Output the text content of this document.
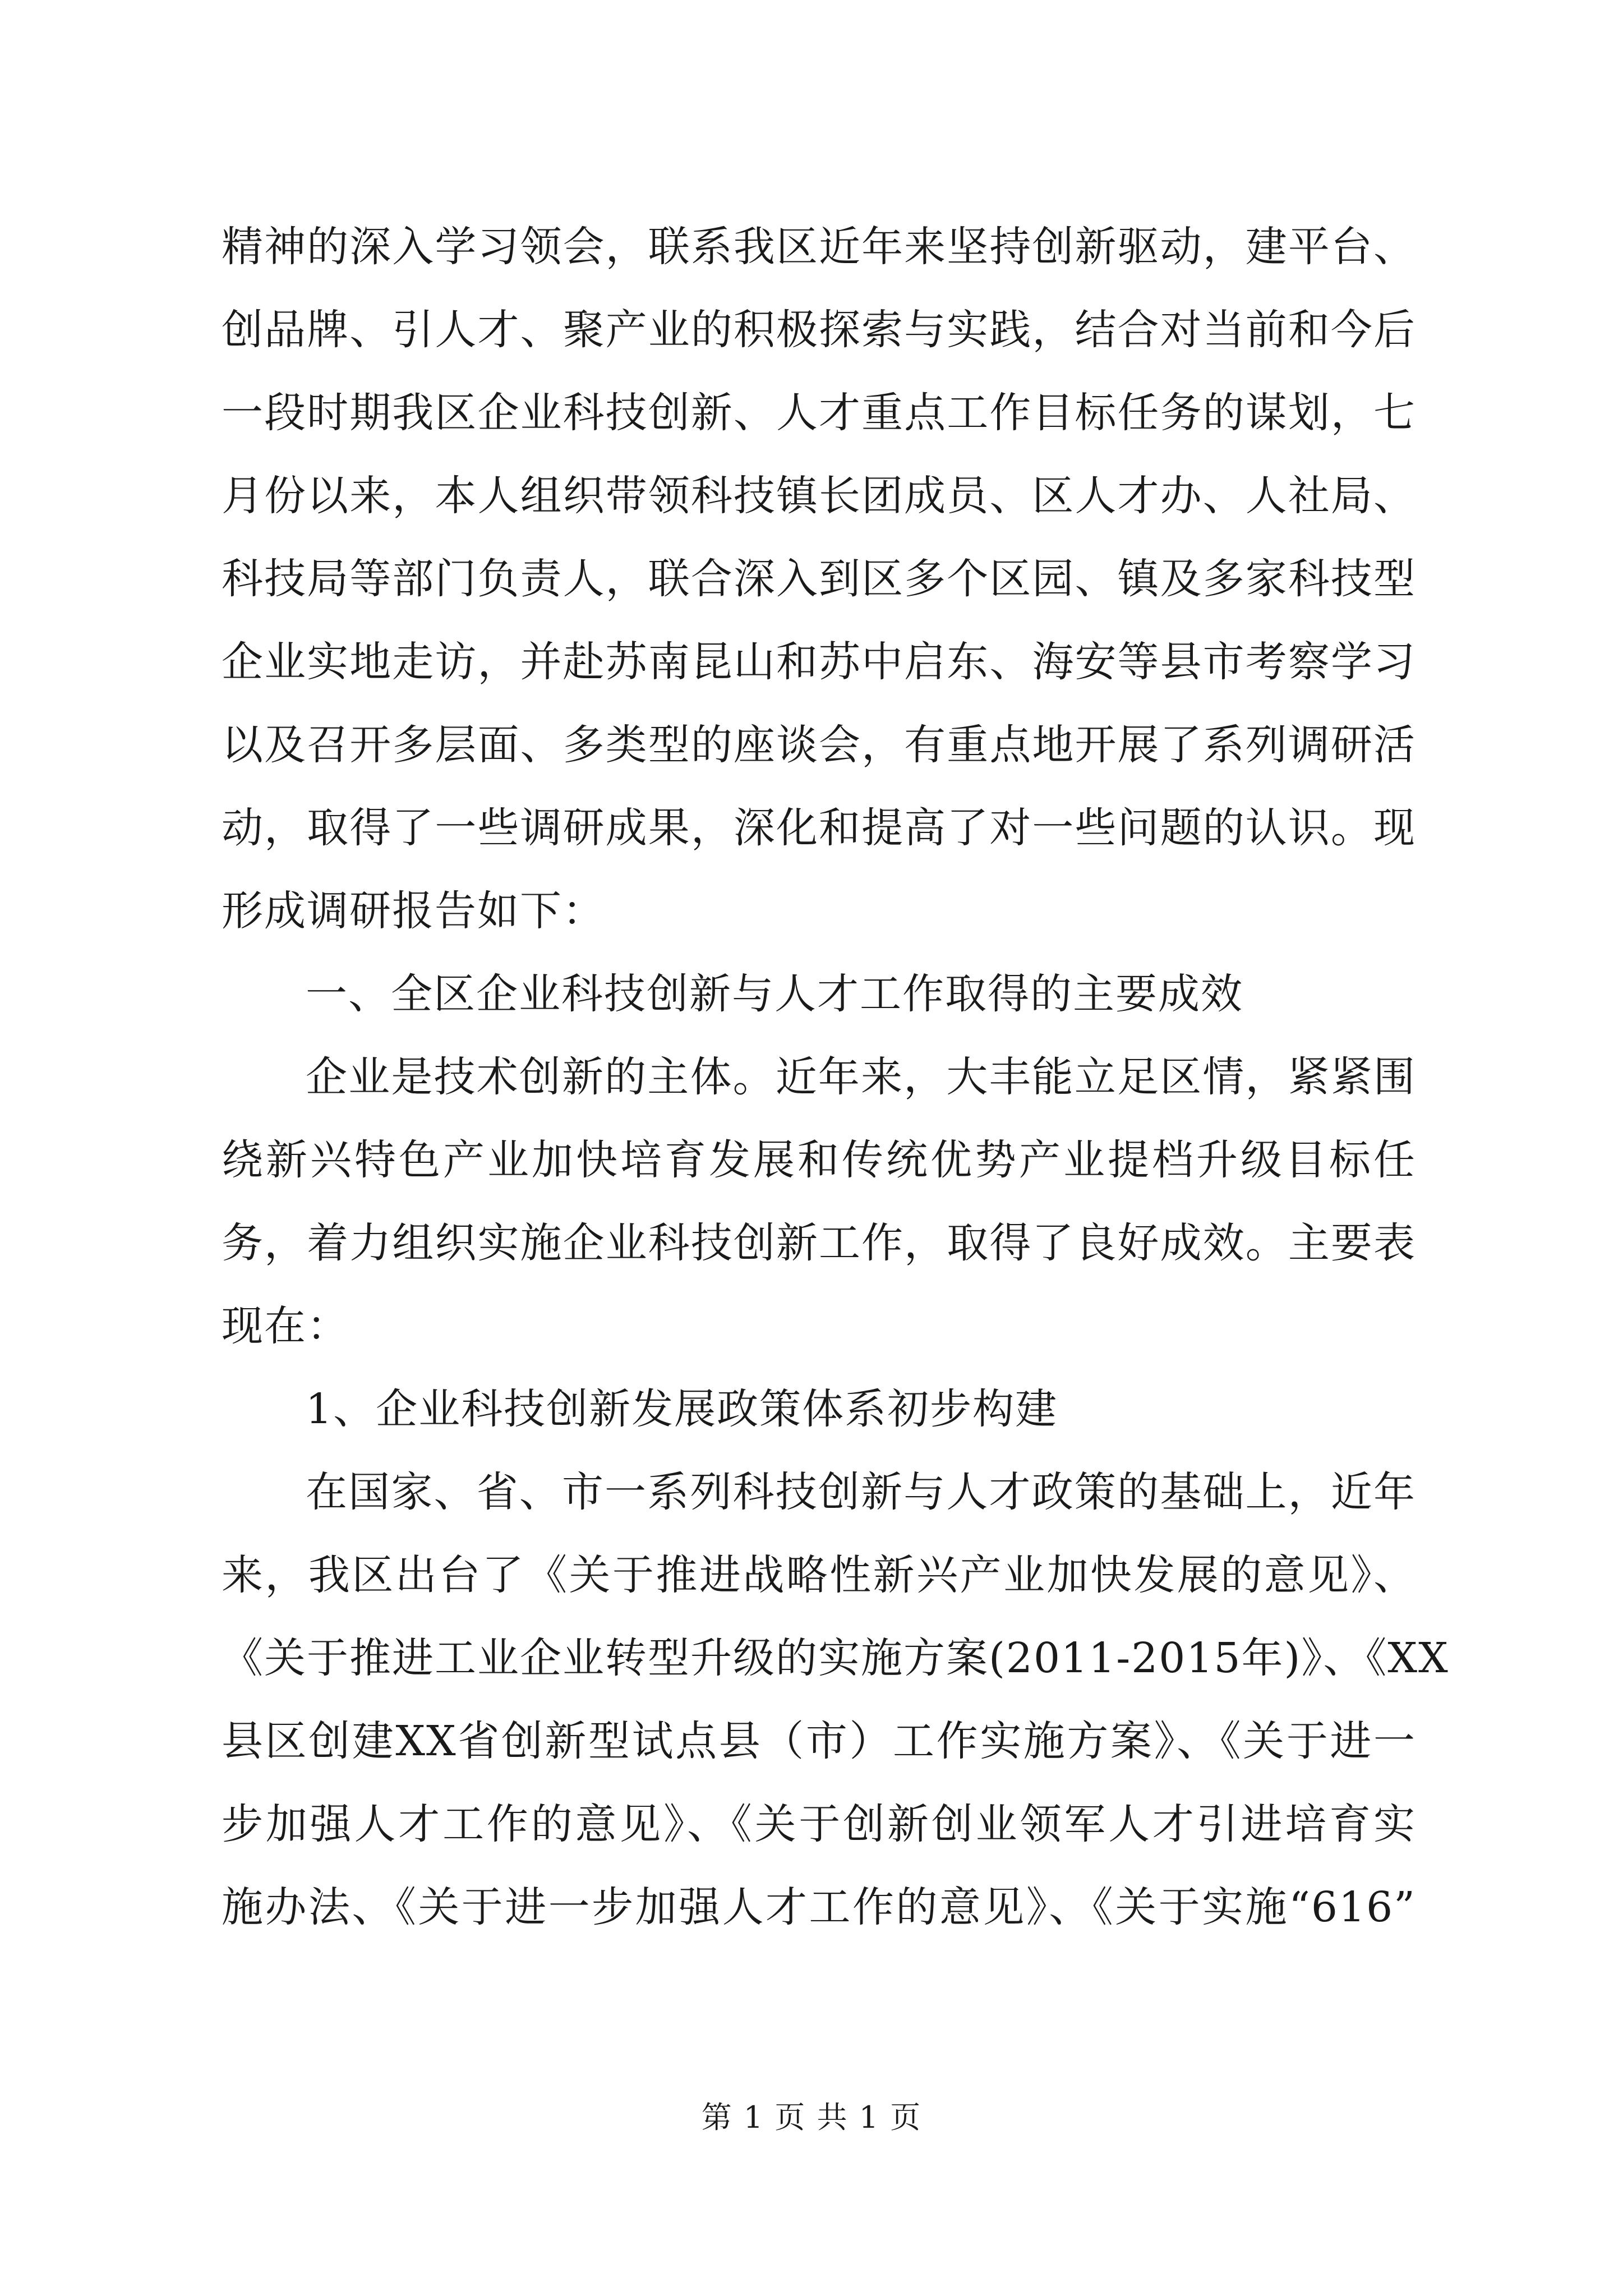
精神的深入学习领会，联系我区近年来坚持创新驱动，建平台、
创品牌、引人才、聚产业的积极探索与实践，结合对当前和今后
一段时期我区企业科技创新、人才重点工作目标任务的谋划，七
月份以来，本人组织带领科技镇长团成员、区人才办、人社局、
科技局等部门负责人，联合深入到区多个区园、镇及多家科技型
企业实地走访，并赴苏南昆山和苏中启东、海安等县市考察学习
以及召开多层面、多类型的座谈会，有重点地开展了系列调研活
动，取得了一些调研成果，深化和提高了对一些问题的认识。现
形成调研报告如下：
一、全区企业科技创新与人才工作取得的主要成效
企业是技术创新的主体。近年来，大丰能立足区情，紧紧围
绕新兴特色产业加快培育发展和传统优势产业提档升级目标任
务，着力组织实施企业科技创新工作，取得了良好成效。主要表
现在：
1、企业科技创新发展政策体系初步构建
在国家、省、市一系列科技创新与人才政策的基础上，近年
来，我区出台了《关于推进战略性新兴产业加快发展的意见》、
《关于推进工业企业转型升级的实施方案(2011-2015年)》、《XX
县区创建XX省创新型试点县（市）工作实施方案》、《关于进一
步加强人才工作的意见》、《关于创新创业领军人才引进培育实
施办法、《关于进一步加强人才工作的意见》、《关于实施“616”
第 1 页 共 1 页
